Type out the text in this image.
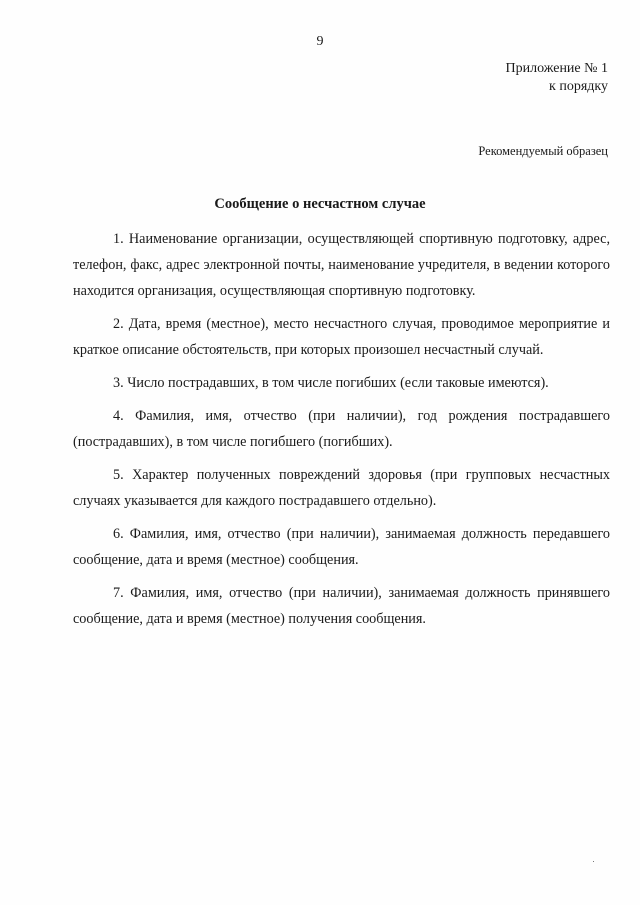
9
Приложение № 1
к порядку
Рекомендуемый образец
Сообщение о несчастном случае

1. Наименование организации, осуществляющей спортивную подготовку, адрес, телефон, факс, адрес электронной почты, наименование учредителя, в ведении которого находится организация, осуществляющая спортивную подготовку.

2. Дата, время (местное), место несчастного случая, проводимое мероприятие и краткое описание обстоятельств, при которых произошел несчастный случай.

3. Число пострадавших, в том числе погибших (если таковые имеются).

4. Фамилия, имя, отчество (при наличии), год рождения пострадавшего (пострадавших), в том числе погибшего (погибших).

5. Характер полученных повреждений здоровья (при групповых несчастных случаях указывается для каждого пострадавшего отдельно).

6. Фамилия, имя, отчество (при наличии), занимаемая должность передавшего сообщение, дата и время (местное) сообщения.

7. Фамилия, имя, отчество (при наличии), занимаемая должность принявшего сообщение, дата и время (местное) получения сообщения.
